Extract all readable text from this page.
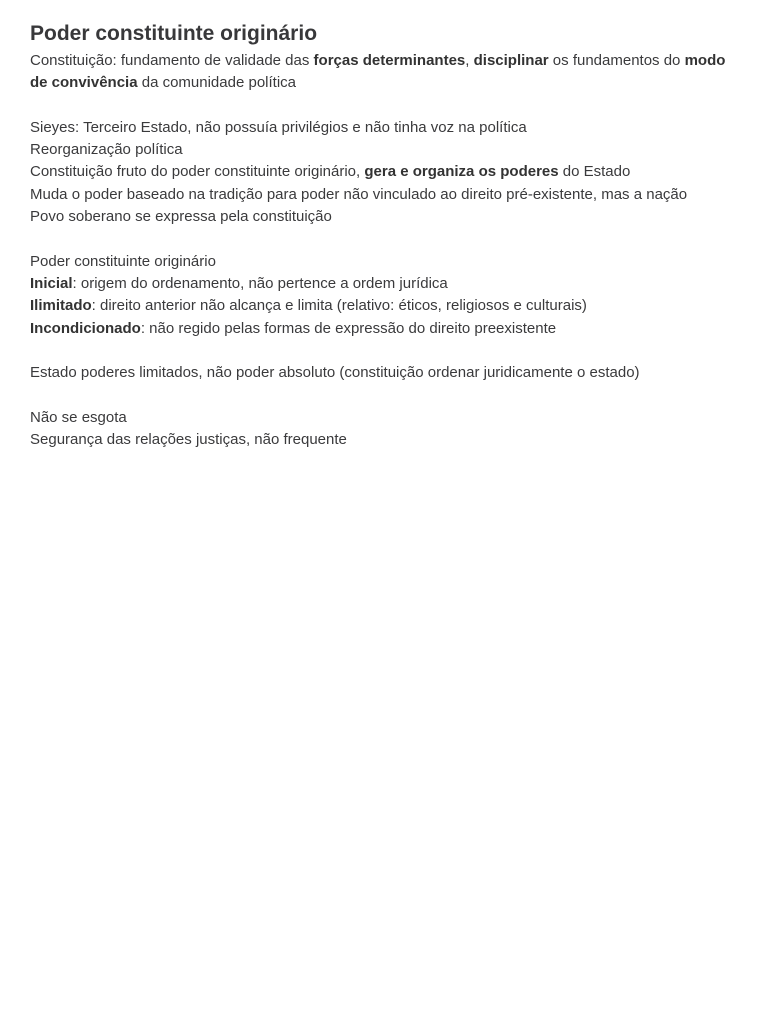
Poder constituinte originário
Constituição: fundamento de validade das forças determinantes, disciplinar os fundamentos do modo de convivência da comunidade política
Sieyes: Terceiro Estado, não possuía privilégios e não tinha voz na política
Reorganização política
Constituição fruto do poder constituinte originário, gera e organiza os poderes do Estado
Muda o poder baseado na tradição para poder não vinculado ao direito pré-existente, mas a nação
Povo soberano se expressa pela constituição
Poder constituinte originário
Inicial: origem do ordenamento, não pertence a ordem jurídica
Ilimitado: direito anterior não alcança e limita (relativo: éticos, religiosos e culturais)
Incondicionado: não regido pelas formas de expressão do direito preexistente
Estado poderes limitados, não poder absoluto (constituição ordenar juridicamente o estado)
Não se esgota
Segurança das relações justiças, não frequente
